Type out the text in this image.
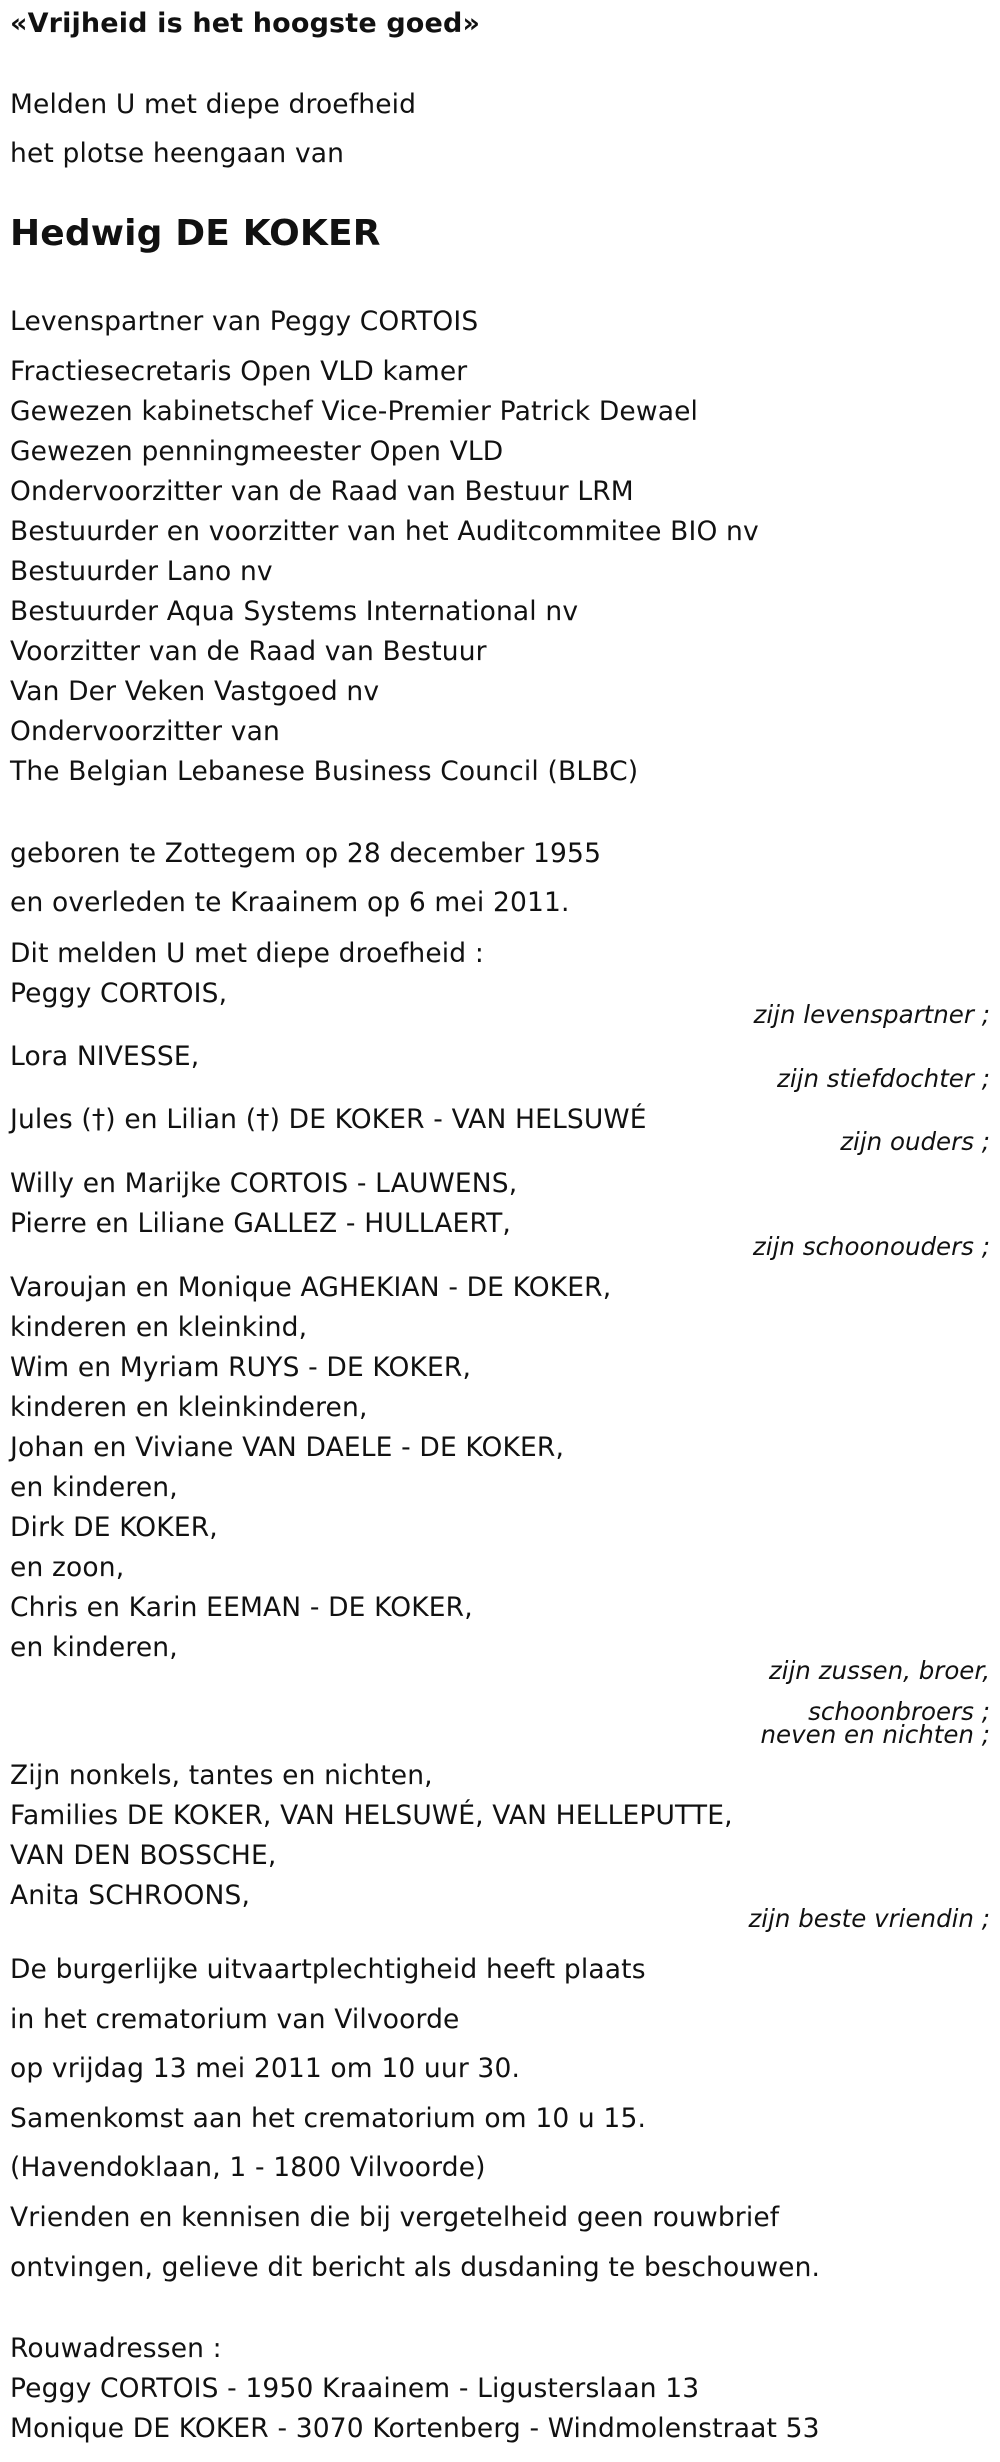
«Vrijheid is het hoogste goed»
Melden U met diepe droefheid
het plotse heengaan van
Hedwig DE KOKER
Levenspartner van Peggy CORTOIS
Fractiesecretaris Open VLD kamer
Gewezen kabinetschef Vice-Premier Patrick Dewael
Gewezen penningmeester Open VLD
Ondervoorzitter van de Raad van Bestuur LRM
Bestuurder en voorzitter van het Auditcommitee BIO nv
Bestuurder Lano nv
Bestuurder Aqua Systems International nv
Voorzitter van de Raad van Bestuur
Van Der Veken Vastgoed nv
Ondervoorzitter van
The Belgian Lebanese Business Council (BLBC)
geboren te Zottegem op 28 december 1955
en overleden te Kraainem op 6 mei 2011.
Dit melden U met diepe droefheid :
Peggy CORTOIS,
zijn levenspartner ;
Lora NIVESSE,
zijn stiefdochter ;
Jules (†) en Lilian (†) DE KOKER - VAN HELSUWÉ
zijn ouders ;
Willy en Marijke CORTOIS - LAUWENS,
Pierre en Liliane GALLEZ - HULLAERT,
zijn schoonouders ;
Varoujan en Monique AGHEKIAN - DE KOKER,
kinderen en kleinkind,
Wim en Myriam RUYS - DE KOKER,
kinderen en kleinkinderen,
Johan en Viviane VAN DAELE - DE KOKER,
en kinderen,
Dirk DE KOKER,
en zoon,
Chris en Karin EEMAN - DE KOKER,
en kinderen,
zijn zussen, broer,
schoonbroers ;
neven en nichten ;
Zijn nonkels, tantes en nichten,
Families DE KOKER, VAN HELSUWÉ, VAN HELLEPUTTE,
VAN DEN BOSSCHE,
Anita SCHROONS,
zijn beste vriendin ;
De burgerlijke uitvaartplechtigheid heeft plaats
in het crematorium van Vilvoorde
op vrijdag 13 mei 2011 om 10 uur 30.
Samenkomst aan het crematorium om 10 u 15.
(Havendoklaan, 1 - 1800 Vilvoorde)
Vrienden en kennisen die bij vergetelheid geen rouwbrief
ontvingen, gelieve dit bericht als dusdaning te beschouwen.
Rouwadressen :
Peggy CORTOIS - 1950 Kraainem - Ligusterslaan 13
Monique DE KOKER - 3070 Kortenberg - Windmolenstraat 53
